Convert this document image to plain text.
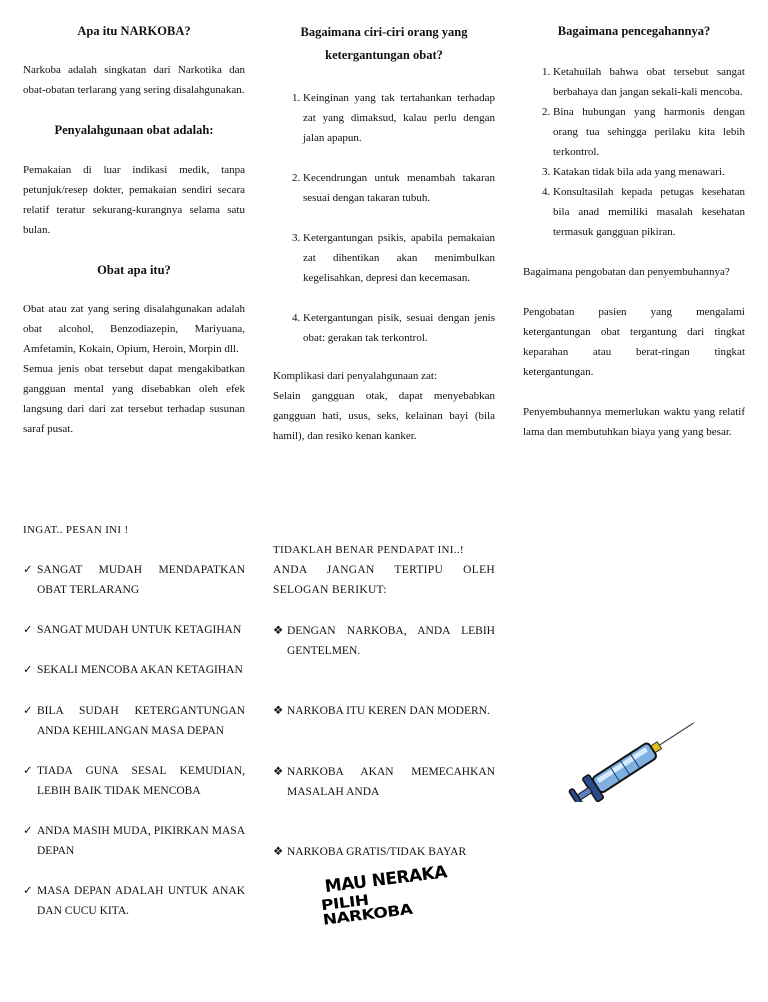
Apa itu NARKOBA?

Narkoba adalah singkatan dari Narkotika dan obat-obatan terlarang yang sering disalahgunakan.

Penyalahgunaan obat adalah:

Pemakaian di luar indikasi medik, tanpa petunjuk/resep dokter, pemakaian sendiri secara relatif teratur sekurang-kurangnya selama satu bulan.

Obat apa itu?

Obat atau zat yang sering disalahgunakan adalah obat alcohol, Benzodiazepin, Mariyuana, Amfetamin, Kokain, Opium, Heroin, Morpin dll.

Semua jenis obat tersebut dapat mengakibatkan gangguan mental yang disebabkan oleh efek langsung dari dari zat tersebut terhadap susunan saraf pusat.

INGAT.. PESAN INI !
✓ SANGAT MUDAH MENDAPATKAN OBAT TERLARANG
✓ SANGAT MUDAH UNTUK KETAGIHAN
✓ SEKALI MENCOBA AKAN KETAGIHAN
✓ BILA SUDAH KETERGANTUNGAN ANDA KEHILANGAN MASA DEPAN
✓ TIADA GUNA SESAL KEMUDIAN, LEBIH BAIK TIDAK MENCOBA
✓ ANDA MASIH MUDA, PIKIRKAN MASA DEPAN
✓ MASA DEPAN ADALAH UNTUK ANAK DAN CUCU KITA.
Bagaimana ciri-ciri orang yang ketergantungan obat?
1. Keinginan yang tak tertahankan terhadap zat yang dimaksud, kalau perlu dengan jalan apapun.
2. Kecendrungan untuk menambah takaran sesuai dengan takaran tubuh.
3. Ketergantungan psikis, apabila pemakaian zat dihentikan akan menimbulkan kegelisahkan, depresi dan kecemasan.
4. Ketergantungan pisik, sesuai dengan jenis obat: gerakan tak terkontrol.
Komplikasi dari penyalahgunaan zat:

Selain gangguan otak, dapat menyebabkan gangguan hati, usus, seks, kelainan bayi (bila hamil), dan resiko kenan kanker.

TIDAKLAH BENAR PENDAPAT INI..!
ANDA JANGAN TERTIPU OLEH SELOGAN BERIKUT:
❖ DENGAN NARKOBA, ANDA LEBIH GENTELMEN.
❖ NARKOBA ITU KEREN DAN MODERN.
❖ NARKOBA AKAN MEMECAHKAN MASALAH ANDA
❖ NARKOBA GRATIS/TIDAK BAYAR
MAU NERAKA
PILIH NARKOBA
Bagaimana pencegahannya?
1. Ketahuilah bahwa obat tersebut sangat berbahaya dan jangan sekali-kali mencoba.
2. Bina hubungan yang harmonis dengan orang tua sehingga perilaku kita lebih terkontrol.
3. Katakan tidak bila ada yang menawari.
4. Konsultasilah kepada petugas kesehatan bila anad memiliki masalah kesehatan termasuk gangguan pikiran.
Bagaimana pengobatan dan penyembuhannya?

Pengobatan pasien yang mengalami ketergantungan obat tergantung dari tingkat keparahan atau berat-ringan tingkat ketergantungan.

Penyembuhannya memerlukan waktu yang relatif lama dan membutuhkan biaya yang yang besar.
